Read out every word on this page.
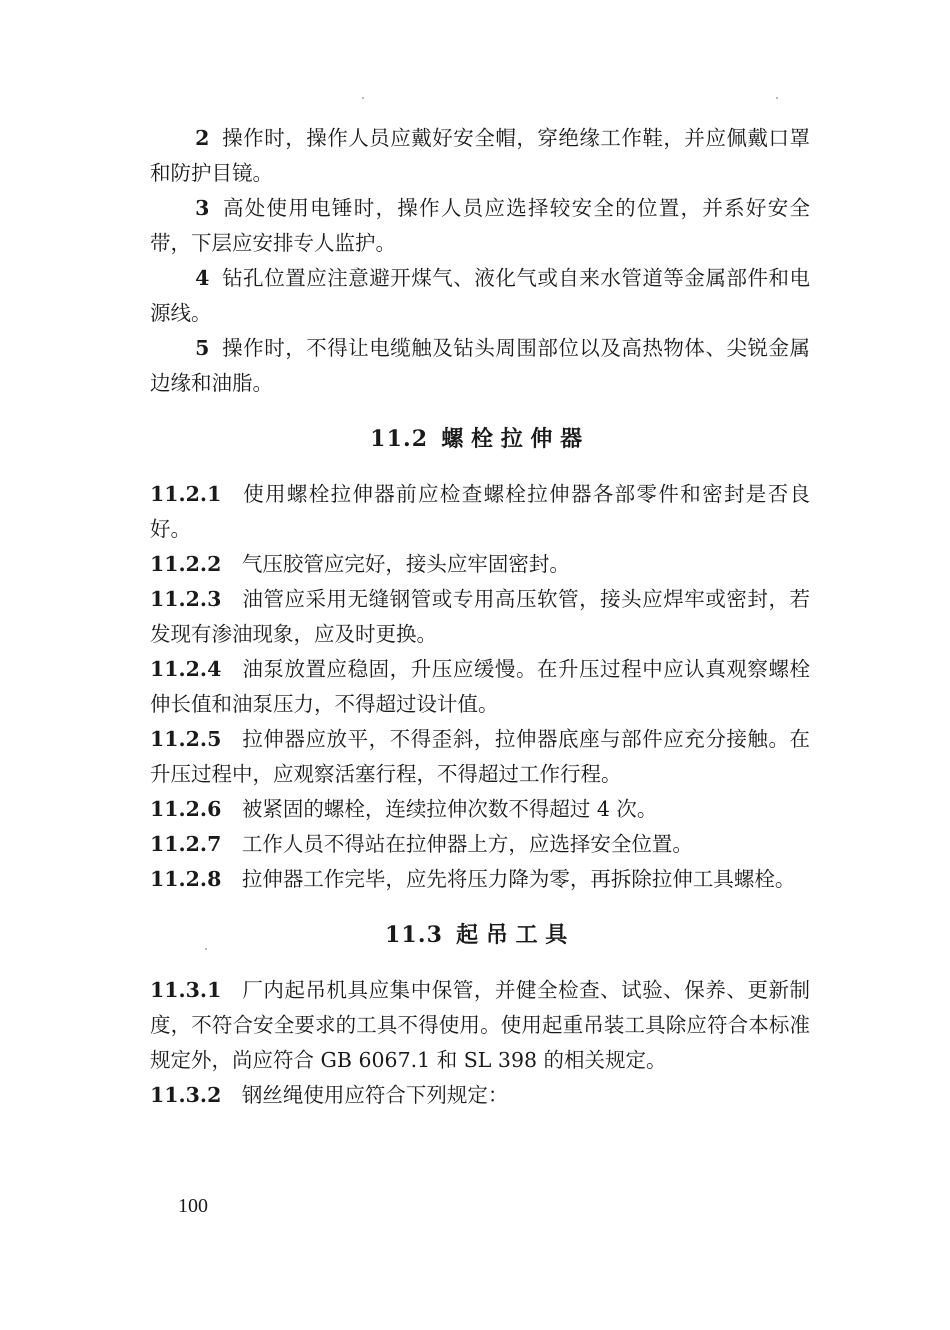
2 操作时，操作人员应戴好安全帽，穿绝缘工作鞋，并应佩戴口罩和防护目镜。

3 高处使用电锤时，操作人员应选择较安全的位置，并系好安全带，下层应安排专人监护。

4 钻孔位置应注意避开煤气、液化气或自来水管道等金属部件和电源线。

5 操作时，不得让电缆触及钻头周围部位以及高热物体、尖锐金属边缘和油脂。

11.2 螺栓拉伸器

11.2.1 使用螺栓拉伸器前应检查螺栓拉伸器各部零件和密封是否良好。

11.2.2 气压胶管应完好，接头应牢固密封。

11.2.3 油管应采用无缝钢管或专用高压软管，接头应焊牢或密封，若发现有渗油现象，应及时更换。

11.2.4 油泵放置应稳固，升压应缓慢。在升压过程中应认真观察螺栓伸长值和油泵压力，不得超过设计值。

11.2.5 拉伸器应放平，不得歪斜，拉伸器底座与部件应充分接触。在升压过程中，应观察活塞行程，不得超过工作行程。

11.2.6 被紧固的螺栓，连续拉伸次数不得超过 4 次。

11.2.7 工作人员不得站在拉伸器上方，应选择安全位置。

11.2.8 拉伸器工作完毕，应先将压力降为零，再拆除拉伸工具螺栓。

11.3 起吊工具

11.3.1 厂内起吊机具应集中保管，并健全检查、试验、保养、更新制度，不符合安全要求的工具不得使用。使用起重吊装工具除应符合本标准规定外，尚应符合 GB 6067.1 和 SL 398 的相关规定。

11.3.2 钢丝绳使用应符合下列规定：

100
